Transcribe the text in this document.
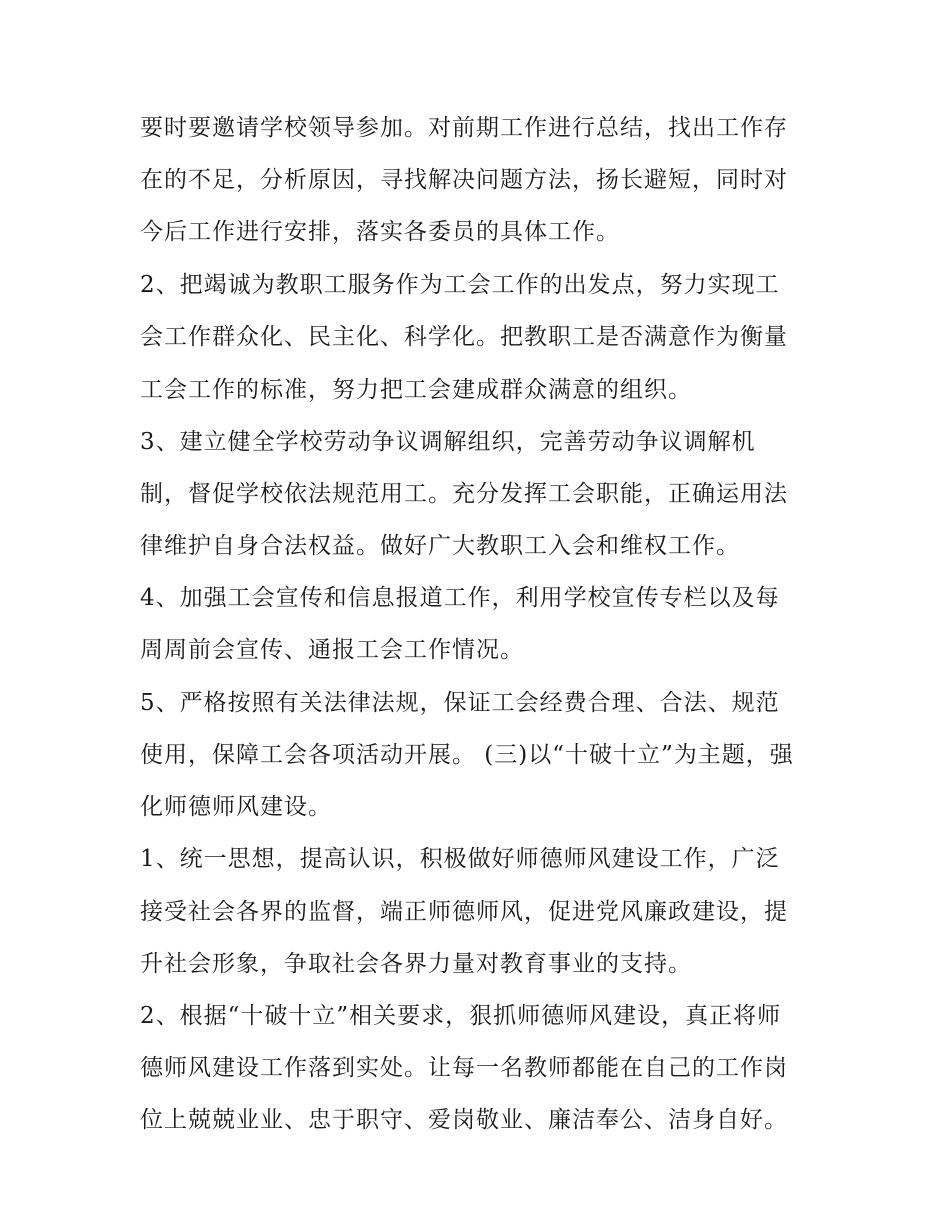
要时要邀请学校领导参加。对前期工作进行总结，找出工作存
在的不足，分析原因，寻找解决问题方法，扬长避短，同时对
今后工作进行安排，落实各委员的具体工作。
2、把竭诚为教职工服务作为工会工作的出发点，努力实现工
会工作群众化、民主化、科学化。把教职工是否满意作为衡量
工会工作的标准，努力把工会建成群众满意的组织。
3、建立健全学校劳动争议调解组织，完善劳动争议调解机
制，督促学校依法规范用工。充分发挥工会职能，正确运用法
律维护自身合法权益。做好广大教职工入会和维权工作。
4、加强工会宣传和信息报道工作，利用学校宣传专栏以及每
周周前会宣传、通报工会工作情况。
5、严格按照有关法律法规，保证工会经费合理、合法、规范
使用，保障工会各项活动开展。 (三)以“十破十立”为主题，强
化师德师风建设。
1、统一思想，提高认识，积极做好师德师风建设工作，广泛
接受社会各界的监督，端正师德师风，促进党风廉政建设，提
升社会形象，争取社会各界力量对教育事业的支持。
2、根据“十破十立”相关要求，狠抓师德师风建设，真正将师
德师风建设工作落到实处。让每一名教师都能在自己的工作岗
位上兢兢业业、忠于职守、爱岗敬业、廉洁奉公、洁身自好。
